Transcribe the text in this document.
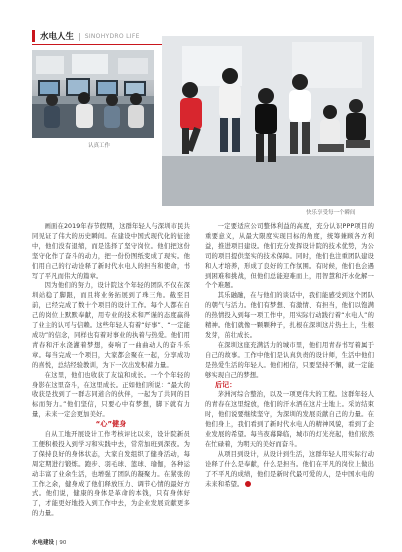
水电人生 | SINOHYDRO LIFE
认真工作
快乐享受每一个瞬间

画面在2019年春节假期，这群年轻人与深圳市民共同见证了伟大的历史瞬间。在建设中国式现代化的征途中，他们没有退缩，而是选择了坚守岗位。他们把这份坚守化作了奋斗的动力，把一份份图纸变成了现实。他们用自己的行动诠释了新时代水电人的担当和使命，书写了平凡而伟大的篇章。

因为他们的努力，设计院这个年轻的团队不仅在深圳站稳了脚跟，而且将业务拓展到了珠三角。截至目前，已经完成了数十个项目的设计工作。每个人都在自己的岗位上默默奉献，用专业的技术和严谨的态度赢得了业主的认可与信赖。这些年轻人有着“好事”、“一定能成功”的信念，同样也有着对事业的执着与热爱。他们用青春和汗水浇灌着梦想，奏响了一曲曲动人的奋斗乐章。每当完成一个项目，大家都会聚在一起，分享成功的喜悦，总结经验教训，为下一次出发积蓄力量。

在这里，他们也收获了友谊和成长。一个个年轻的身影在这里奋斗，在这里成长。正如他们所说：“最大的收获是找到了一群志同道合的伙伴，一起为了共同的目标而努力。”他们坚信，只要心中有梦想，脚下就有力量，未来一定会更加美好。

“心”健身

自从工地开展设计工作考核评比以来，设计院新员工便积极投入到学习和实践中去，常常加班到深夜。为了保持良好的身体状态，大家自发组织了健身活动，每周定期进行锻炼。跑步、羽毛球、篮球、瑜伽，各种运动丰富了业余生活，也增强了团队的凝聚力。在紧张的工作之余，健身成了他们释放压力、调节心情的最好方式。他们说，健康的身体是革命的本钱，只有身体好了，才能更好地投入到工作中去，为企业发展贡献更多的力量。

一定要适应公司整体利益的高度，充分认识PPP项目的重要意义，从最大限度实现目标的角度，统筹兼顾各方利益，推进项目建设。他们充分发挥设计院的技术优势，为公司的项目提供坚实的技术保障。同时，他们也注重团队建设和人才培养，形成了良好的工作氛围。有时候，他们也会遇到困难和挑战，但他们总能迎难而上，用智慧和汗水化解一个个难题。

其乐融融，在与他们的谈话中，我们能感受到这个团队的朝气与活力。他们有梦想、有激情、有担当，他们以饱满的热情投入到每一项工作中，用实际行动践行着“水电人”的精神。他们就像一颗颗种子，扎根在深圳这片热土上，生根发芽，茁壮成长。

在深圳这座充满活力的城市里，他们用青春书写着属于自己的故事。工作中他们是认真负责的设计师，生活中他们是热爱生活的年轻人。他们相信，只要坚持不懈，就一定能够实现自己的梦想。

后记：

茅洲河综合整治，以及一项更伟大的工程。这群年轻人的青春在这里绽放，他们的汗水洒在这片土地上。采访结束时，他们说要继续坚守，为深圳的发展贡献自己的力量。在他们身上，我们看到了新时代水电人的精神风貌，看到了企业发展的希望。每当夜幕降临，城市的灯光亮起，他们依然在忙碌着，为明天的美好而奋斗。

从项目到设计，从设计到生活，这群年轻人用实际行动诠释了什么是奉献，什么是担当。他们在平凡的岗位上做出了不平凡的成绩，他们是新时代最可爱的人，是中国水电的未来和希望。

水电建设 | 90
